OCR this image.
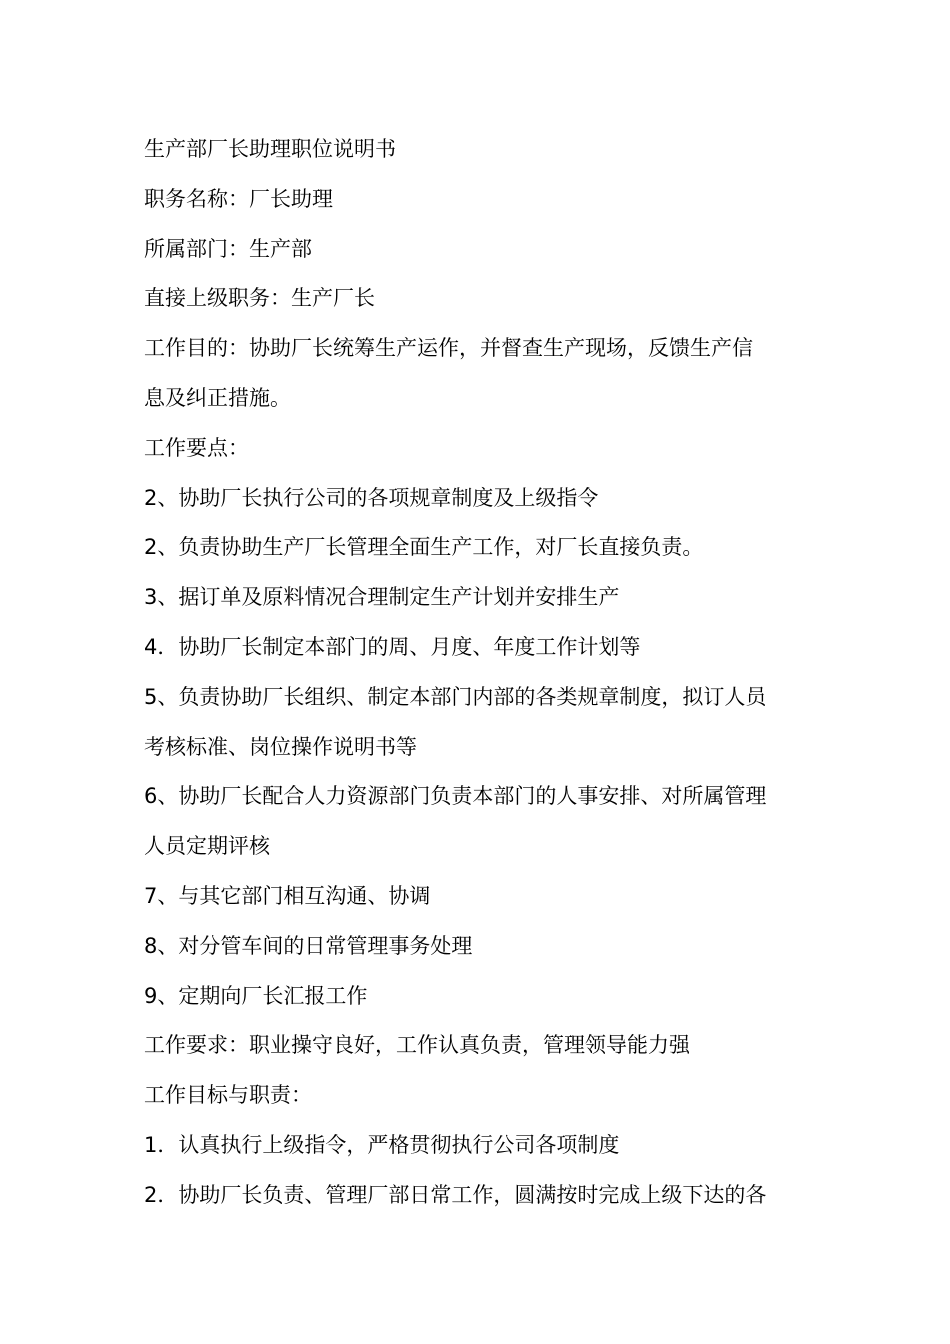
生产部厂长助理职位说明书
职务名称：厂长助理
所属部门：生产部
直接上级职务：生产厂长
工作目的：协助厂长统筹生产运作，并督查生产现场，反馈生产信
息及纠正措施。
工作要点：
2、协助厂长执行公司的各项规章制度及上级指令
2、负责协助生产厂长管理全面生产工作，对厂长直接负责。
3、据订单及原料情况合理制定生产计划并安排生产
4．协助厂长制定本部门的周、月度、年度工作计划等
5、负责协助厂长组织、制定本部门内部的各类规章制度，拟订人员
考核标准、岗位操作说明书等
6、协助厂长配合人力资源部门负责本部门的人事安排、对所属管理
人员定期评核
7、与其它部门相互沟通、协调
8、对分管车间的日常管理事务处理
9、定期向厂长汇报工作
工作要求：职业操守良好，工作认真负责，管理领导能力强
工作目标与职责：
1．认真执行上级指令，严格贯彻执行公司各项制度
2．协助厂长负责、管理厂部日常工作，圆满按时完成上级下达的各
